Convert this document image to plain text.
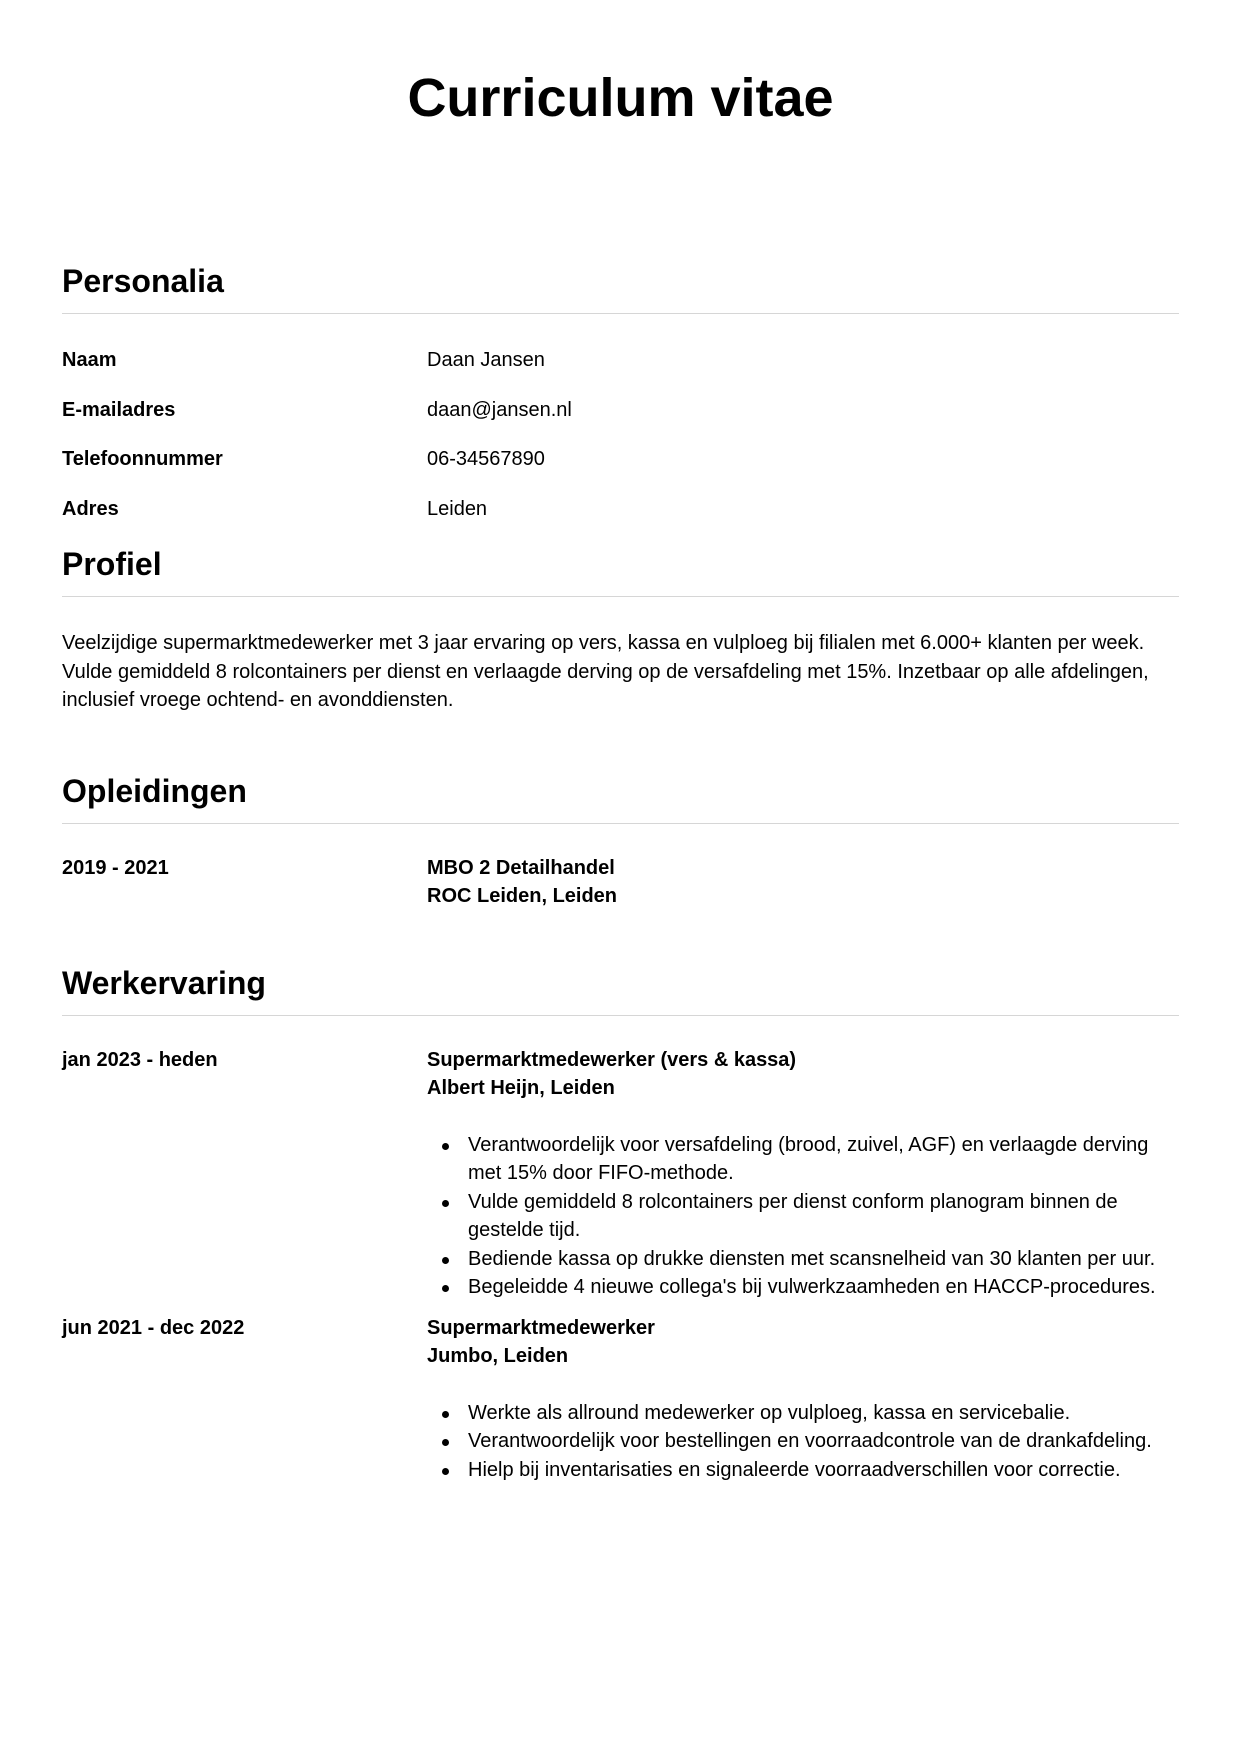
Curriculum vitae
Personalia
Naam	Daan Jansen
E-mailadres	daan@jansen.nl
Telefoonnummer	06-34567890
Adres	Leiden
Profiel

Veelzijdige supermarktmedewerker met 3 jaar ervaring op vers, kassa en vulploeg bij filialen met 6.000+ klanten per week. Vulde gemiddeld 8 rolcontainers per dienst en verlaagde derving op de versafdeling met 15%. Inzetbaar op alle afdelingen, inclusief vroege ochtend- en avonddiensten.

Opleidingen
2019 - 2021	MBO 2 Detailhandel
ROC Leiden, Leiden
Werkervaring
jan 2023 - heden	Supermarktmedewerker (vers & kassa)
Albert Heijn, Leiden
Verantwoordelijk voor versafdeling (brood, zuivel, AGF) en verlaagde derving met 15% door FIFO-methode.
Vulde gemiddeld 8 rolcontainers per dienst conform planogram binnen de gestelde tijd.
Bediende kassa op drukke diensten met scansnelheid van 30 klanten per uur.
Begeleidde 4 nieuwe collega's bij vulwerkzaamheden en HACCP-procedures.
jun 2021 - dec 2022	Supermarktmedewerker
Jumbo, Leiden
Werkte als allround medewerker op vulploeg, kassa en servicebalie.
Verantwoordelijk voor bestellingen en voorraadcontrole van de drankafdeling.
Hielp bij inventarisaties en signaleerde voorraadverschillen voor correctie.
